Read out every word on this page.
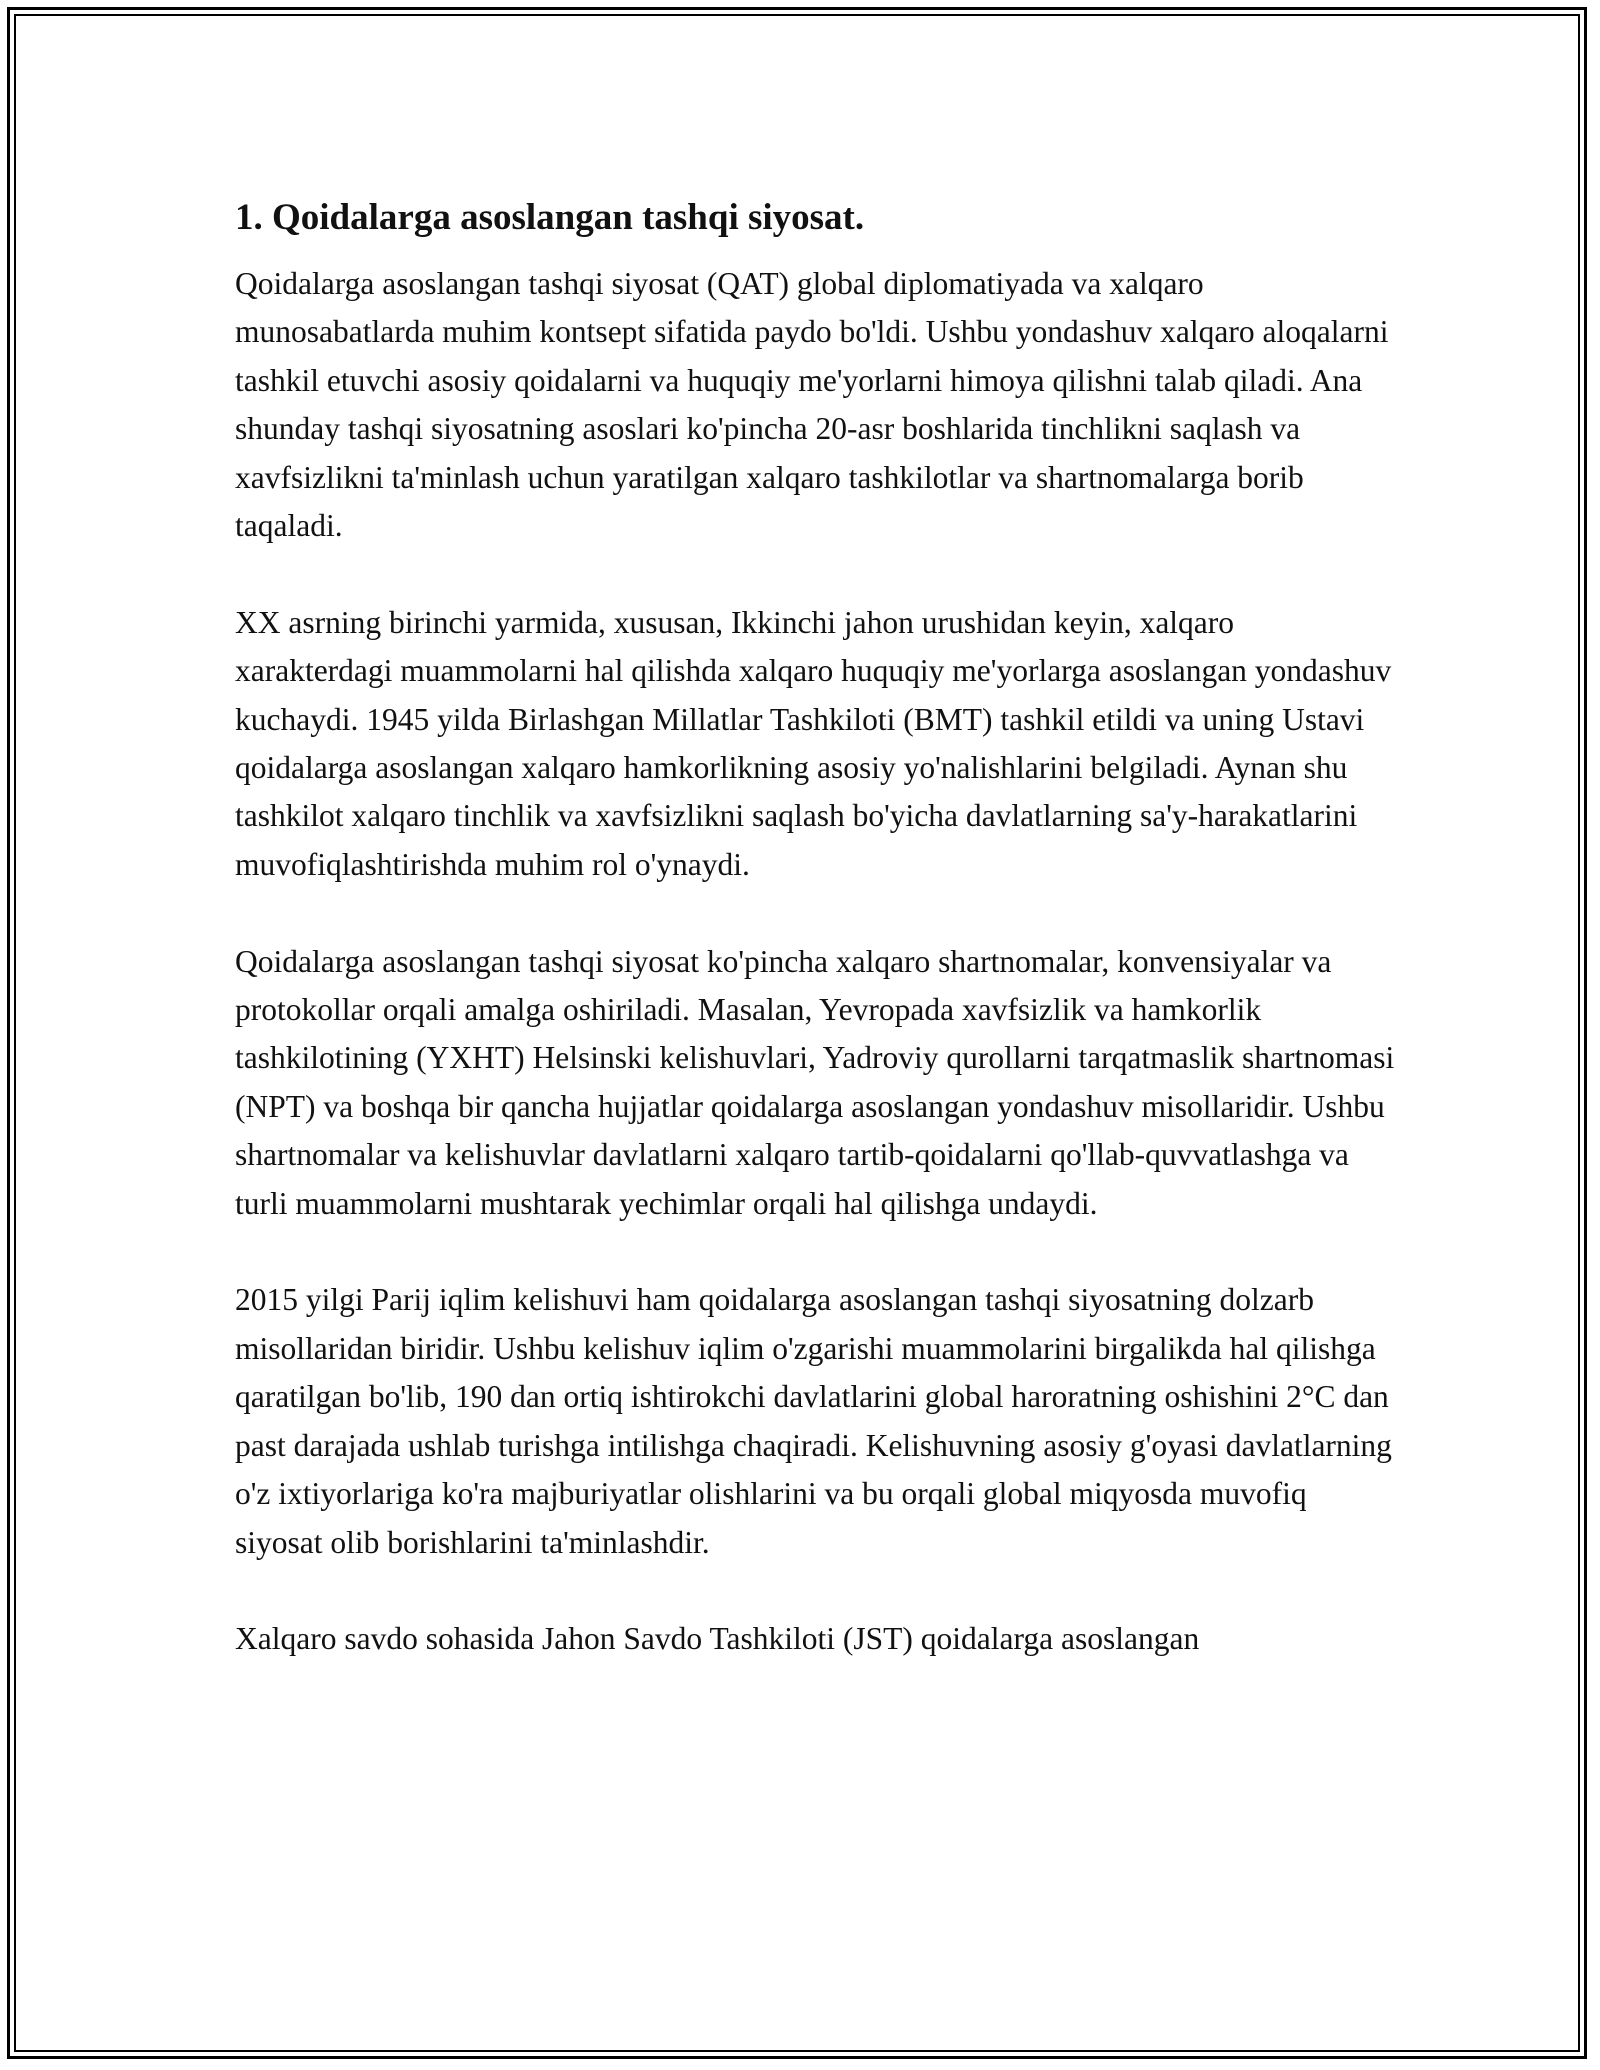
1. Qoidalarga asoslangan tashqi siyosat.

Qoidalarga asoslangan tashqi siyosat (QAT) global diplomatiyada va xalqaro munosabatlarda muhim kontsept sifatida paydo bo'ldi. Ushbu yondashuv xalqaro aloqalarni tashkil etuvchi asosiy qoidalarni va huquqiy me'yorlarni himoya qilishni talab qiladi. Ana shunday tashqi siyosatning asoslari ko'pincha 20-asr boshlarida tinchlikni saqlash va xavfsizlikni ta'minlash uchun yaratilgan xalqaro tashkilotlar va shartnomalarga borib taqaladi.

XX asrning birinchi yarmida, xususan, Ikkinchi jahon urushidan keyin, xalqaro xarakterdagi muammolarni hal qilishda xalqaro huquqiy me'yorlarga asoslangan yondashuv kuchaydi. 1945 yilda Birlashgan Millatlar Tashkiloti (BMT) tashkil etildi va uning Ustavi qoidalarga asoslangan xalqaro hamkorlikning asosiy yo'nalishlarini belgiladi. Aynan shu tashkilot xalqaro tinchlik va xavfsizlikni saqlash bo'yicha davlatlarning sa'y-harakatlarini muvofiqlashtirishda muhim rol o'ynaydi.

Qoidalarga asoslangan tashqi siyosat ko'pincha xalqaro shartnomalar, konvensiyalar va protokollar orqali amalga oshiriladi. Masalan, Yevropada xavfsizlik va hamkorlik tashkilotining (YXHT) Helsinski kelishuvlari, Yadroviy qurollarni tarqatmaslik shartnomasi (NPT) va boshqa bir qancha hujjatlar qoidalarga asoslangan yondashuv misollaridir. Ushbu shartnomalar va kelishuvlar davlatlarni xalqaro tartib-qoidalarni qo'llab-quvvatlashga va turli muammolarni mushtarak yechimlar orqali hal qilishga undaydi.

2015 yilgi Parij iqlim kelishuvi ham qoidalarga asoslangan tashqi siyosatning dolzarb misollaridan biridir. Ushbu kelishuv iqlim o'zgarishi muammolarini birgalikda hal qilishga qaratilgan bo'lib, 190 dan ortiq ishtirokchi davlatlarini global haroratning oshishini 2°C dan past darajada ushlab turishga intilishga chaqiradi. Kelishuvning asosiy g'oyasi davlatlarning o'z ixtiyorlariga ko'ra majburiyatlar olishlarini va bu orqali global miqyosda muvofiq siyosat olib borishlarini ta'minlashdir.

Xalqaro savdo sohasida Jahon Savdo Tashkiloti (JST) qoidalarga asoslangan
